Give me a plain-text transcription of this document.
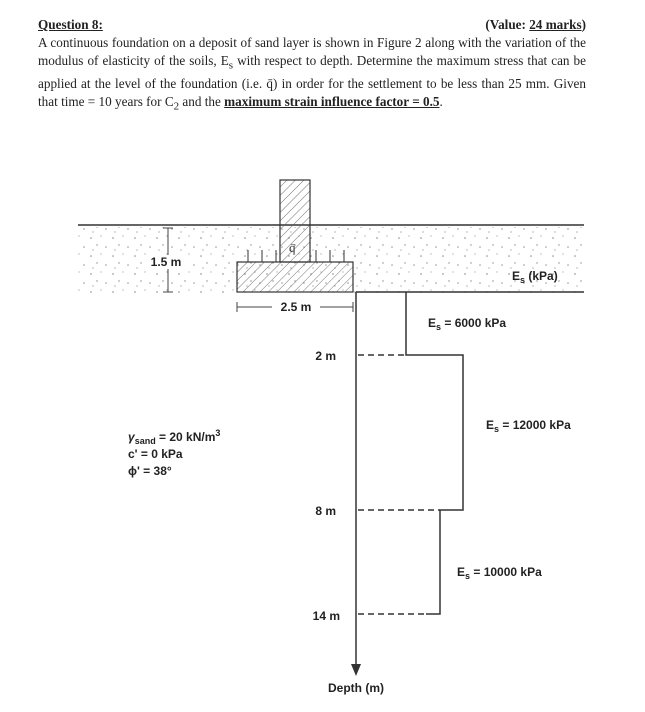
Question 8:	(Value: 24 marks)

A continuous foundation on a deposit of sand layer is shown in Figure 2 along with the variation of the modulus of elasticity of the soils, $E_s$ with respect to depth. Determine the maximum stress that can be applied at the level of the foundation (i.e. q̄) in order for the settlement to be less than 25 mm. Given that time = 10 years for $C_2$ and the maximum strain influence factor = 0.5.

1.5 m
q̄
2.5 m
$E_s$ (kPa)
Depth (m)
2 m
8 m
14 m
$E_s = 6000$ kPa
$E_s = 12000$ kPa
$E_s = 10000$ kPa
$\gamma_{sand} = 20$ $kN/m^3$
c' = 0 kPa
ϕ' = 38°
